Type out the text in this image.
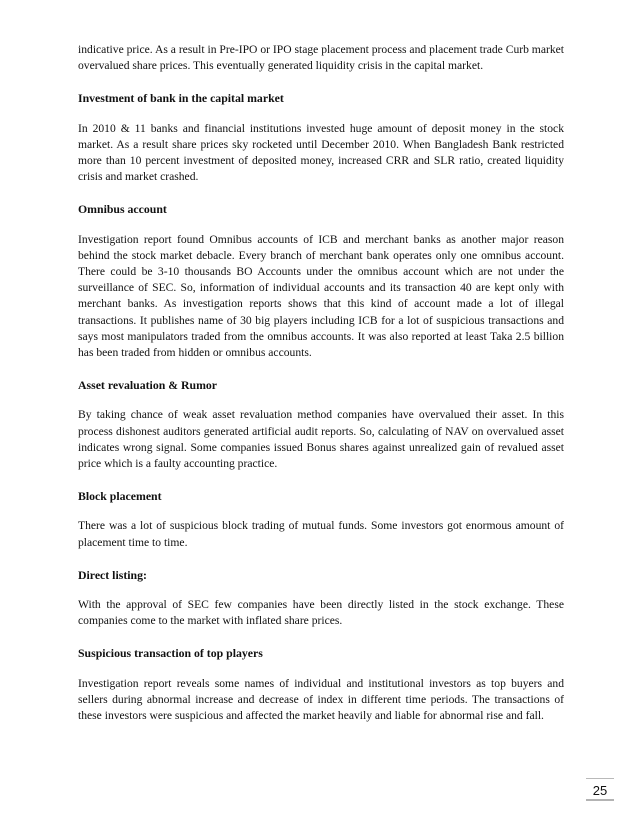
indicative price. As a result in Pre-IPO or IPO stage placement process and placement trade Curb market overvalued share prices. This eventually generated liquidity crisis in the capital market.

Investment of bank in the capital market

In 2010 & 11 banks and financial institutions invested huge amount of deposit money in the stock market. As a result share prices sky rocketed until December 2010. When Bangladesh Bank restricted more than 10 percent investment of deposited money, increased CRR and SLR ratio, created liquidity crisis and market crashed.

Omnibus account

Investigation report found Omnibus accounts of ICB and merchant banks as another major reason behind the stock market debacle. Every branch of merchant bank operates only one omnibus account. There could be 3-10 thousands BO Accounts under the omnibus account which are not under the surveillance of SEC. So, information of individual accounts and its transaction 40 are kept only with merchant banks. As investigation reports shows that this kind of account made a lot of illegal transactions. It publishes name of 30 big players including ICB for a lot of suspicious transactions and says most manipulators traded from the omnibus accounts. It was also reported at least Taka 2.5 billion has been traded from hidden or omnibus accounts.

Asset revaluation & Rumor

By taking chance of weak asset revaluation method companies have overvalued their asset. In this process dishonest auditors generated artificial audit reports. So, calculating of NAV on overvalued asset indicates wrong signal. Some companies issued Bonus shares against unrealized gain of revalued asset price which is a faulty accounting practice.

Block placement

There was a lot of suspicious block trading of mutual funds. Some investors got enormous amount of placement time to time.

Direct listing:

With the approval of SEC few companies have been directly listed in the stock exchange. These companies come to the market with inflated share prices.

Suspicious transaction of top players

Investigation report reveals some names of individual and institutional investors as top buyers and sellers during abnormal increase and decrease of index in different time periods. The transactions of these investors were suspicious and affected the market heavily and liable for abnormal rise and fall.

25
